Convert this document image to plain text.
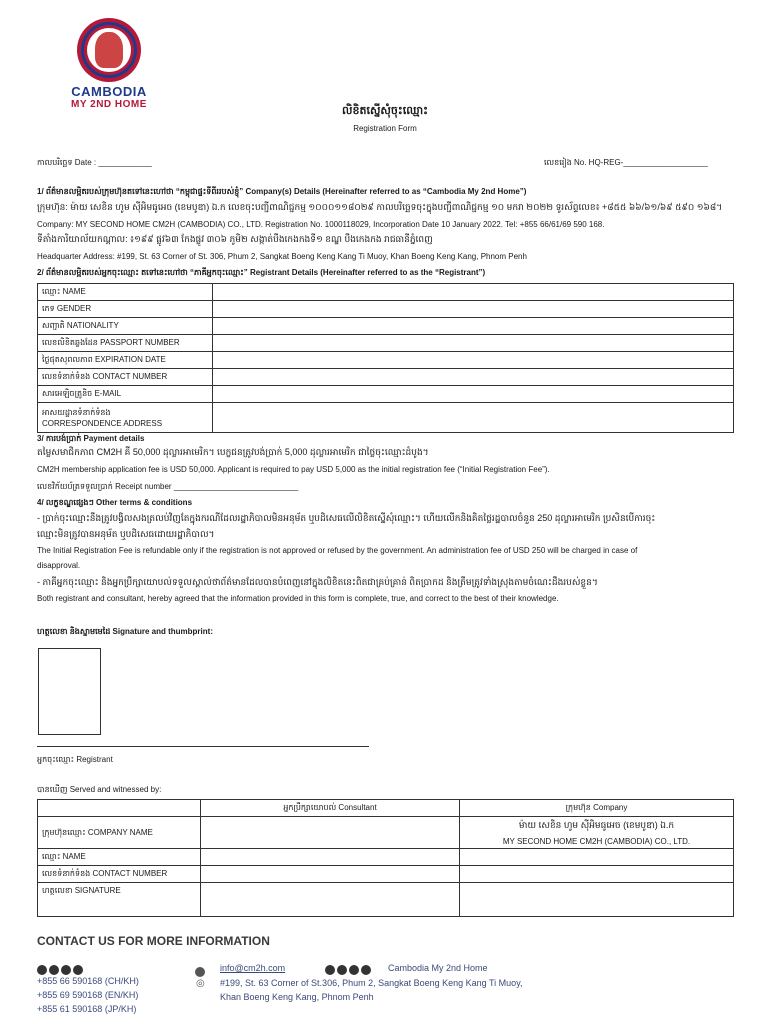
CAMBODIA
MY 2ND HOME
លិខិតស្នើសុំចុះឈ្មោះ
Registration Form
កាលបរិច្ឆេទ Date : ____________	លេខរៀង No. HQ-REG-___________________
1/ ព័ត៌មានលម្អិតរបស់ក្រុមហ៊ុនតទៅនេះហៅថា “កម្ពុជាផ្ទះទីពីររបស់ខ្ញុំ” Company(s) Details (Hereinafter referred to as “Cambodia My 2nd Home”)
ក្រុមហ៊ុន: ម៉ាយ សេខិន ហូម ស៊ីអិមធូអេច (ខេមបូឌា) ឯ.ក លេខចុះបញ្ជីពាណិជ្ជកម្ម ១០០០១១៨០២៩ កាលបរិច្ឆេទចុះក្នុងបញ្ជីពាណិជ្ជកម្ម ១០ មករា ២០២២ ទូរស័ព្ទលេខ៖ +៨៥៥ ៦៦/៦១/៦៩ ៥៩០ ១៦៨។
Company: MY SECOND HOME CM2H (CAMBODIA) CO., LTD. Registration No. 1000118029, Incorporation Date 10 January 2022. Tel: +855 66/61/69 590 168.
ទីតាំងការិយាល័យកណ្តាល: ៖១៩៩ ផ្លូវ៦៣ កែងផ្លូវ ៣០៦ ភូមិ២ សង្កាត់បឹងកេងកងទី១ ខណ្ឌ បឹងកេងកង រាជធានីភ្នំពេញ
Headquarter Address: #199, St. 63 Corner of St. 306, Phum 2, Sangkat Boeng Keng Kang Ti Muoy, Khan Boeng Keng Kang, Phnom Penh
2/ ព័ត៌មានលម្អិតរបស់អ្នកចុះឈ្មោះ តទៅនេះហៅថា “ភាគីអ្នកចុះឈ្មោះ” Registrant Details (Hereinafter referred to as the “Registrant”)
ឈ្មោះ NAME	
ភេទ GENDER	
សញ្ជាតិ NATIONALITY	
លេខលិខិតឆ្លងដែន PASSPORT NUMBER	
ថ្ងៃផុតសុពលភាព EXPIRATION DATE	
លេខទំនាក់ទំនង CONTACT NUMBER	
សារអេឡិចត្រូនិច E-MAIL	

អាសយដ្ឋានទំនាក់ទំនង
CORRESPONDENCE ADDRESS	

3/ ការបង់ប្រាក់ Payment details
តម្លៃសមាជិកភាព CM2H គឺ 50,000 ដុល្លារអាមេរិក។ បេក្ខជនត្រូវបង់ប្រាក់ 5,000 ដុល្លារអាមេរិក ជាថ្លៃចុះឈ្មោះដំបូង។
CM2H membership application fee is USD 50,000. Applicant is required to pay USD 5,000 as the initial registration fee (“Initial Registration Fee”).
លេខវិក័យប័ត្រទទួលប្រាក់ Receipt number ____________________________
4/ លក្ខខណ្ឌផ្សេងៗ Other terms & conditions
- ប្រាក់ចុះឈ្មោះនឹងត្រូវបង្វិលសងត្រលប់វិញតែក្នុងករណីដែលរដ្ឋាភិបាលមិនអនុម័ត ឬបដិសេធលើលិខិតស្នើសុំឈ្មោះ។ ហើយលើកនិងគិតថ្លៃរដ្ឋបាលចំនួន 250 ដុល្លារអាមេរិក ប្រសិនបើការចុះ
ឈ្មោះមិនត្រូវបានអនុម័ត ឬបដិសេធដោយរដ្ឋាភិបាល។
The Initial Registration Fee is refundable only if the registration is not approved or refused by the government. An administration fee of USD 250 will be charged in case of
disapproval.
- ភាគីអ្នកចុះឈ្មោះ និងអ្នកប្រឹក្សាយោបល់ទទួលស្គាល់ថាព័ត៌មានដែលបានបំពេញនៅក្នុងលិខិតនេះពិតជាគ្រប់គ្រាន់ ពិតប្រាកដ និងត្រឹមត្រូវទាំងស្រុងតាមចំណេះដឹងរបស់ខ្លួន។
Both registrant and consultant, hereby agreed that the information provided in this form is complete, true, and correct to the best of their knowledge.
ហត្ថលេខា និងស្នាមមេដៃ Signature and thumbprint:
អ្នកចុះឈ្មោះ Registrant
បានឃើញ Served and witnessed by:
	អ្នកប្រឹក្សាយោបល់ Consultant	ក្រុមហ៊ុន Company
ក្រុមហ៊ុនឈ្មោះ COMPANY NAME		ម៉ាយ សេខិន ហូម ស៊ីអិមធូអេច (ខេមបូឌា) ឯ.ក
MY SECOND HOME CM2H (CAMBODIA) CO., LTD.

ឈ្មោះ NAME		
លេខទំនាក់ទំនង CONTACT NUMBER		
ហត្ថលេខា SIGNATURE		
CONTACT US FOR MORE INFORMATION
+855 66 590168 (CH/KH)
+855 69 590168 (EN/KH)
+855 61 590168 (JP/KH)
info@cm2h.com	Cambodia My 2nd Home
◎ #199, St. 63 Corner of St.306, Phum 2, Sangkat Boeng Keng Kang Ti Muoy,
Khan Boeng Keng Kang, Phnom Penh
